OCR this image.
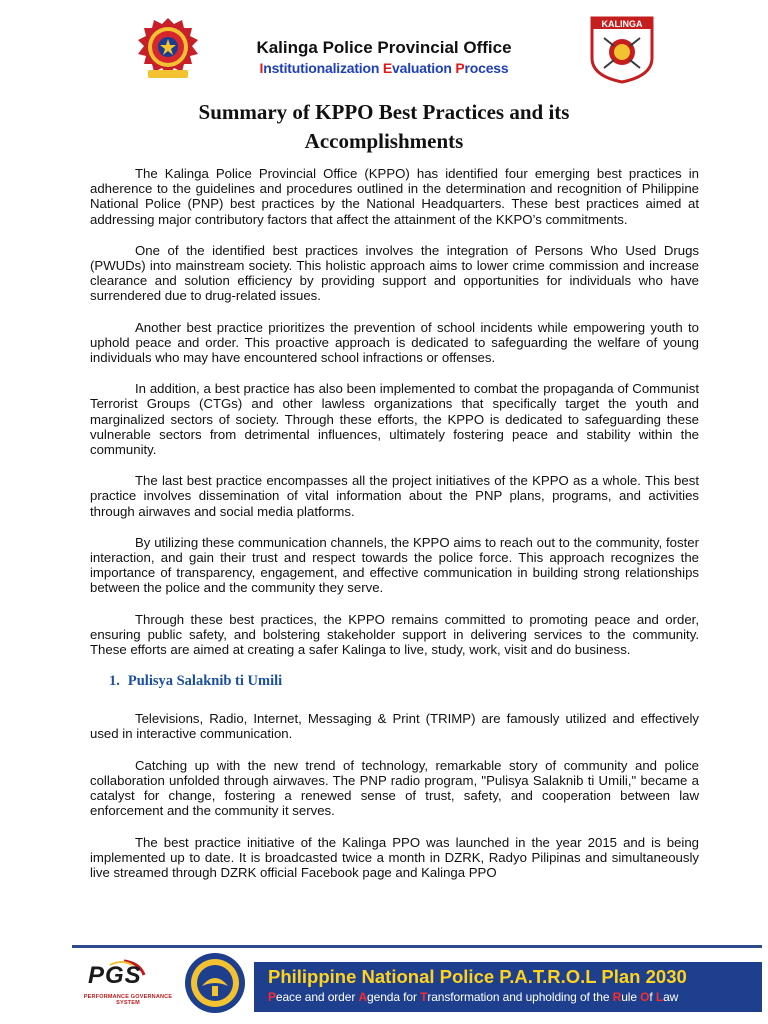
Kalinga Police Provincial Office
Institutionalization Evaluation Process
KALINGA
Summary of KPPO Best Practices and its
Accomplishments

The Kalinga Police Provincial Office (KPPO) has identified four emerging best practices in adherence to the guidelines and procedures outlined in the determination and recognition of Philippine National Police (PNP) best practices by the National Headquarters. These best practices aimed at addressing major contributory factors that affect the attainment of the KKPO’s commitments.

One of the identified best practices involves the integration of Persons Who Used Drugs (PWUDs) into mainstream society. This holistic approach aims to lower crime commission and increase clearance and solution efficiency by providing support and opportunities for individuals who have surrendered due to drug-related issues.

Another best practice prioritizes the prevention of school incidents while empowering youth to uphold peace and order. This proactive approach is dedicated to safeguarding the welfare of young individuals who may have encountered school infractions or offenses.

In addition, a best practice has also been implemented to combat the propaganda of Communist Terrorist Groups (CTGs) and other lawless organizations that specifically target the youth and marginalized sectors of society. Through these efforts, the KPPO is dedicated to safeguarding these vulnerable sectors from detrimental influences, ultimately fostering peace and stability within the community.

The last best practice encompasses all the project initiatives of the KPPO as a whole. This best practice involves dissemination of vital information about the PNP plans, programs, and activities through airwaves and social media platforms.

By utilizing these communication channels, the KPPO aims to reach out to the community, foster interaction, and gain their trust and respect towards the police force. This approach recognizes the importance of transparency, engagement, and effective communication in building strong relationships between the police and the community they serve.

Through these best practices, the KPPO remains committed to promoting peace and order, ensuring public safety, and bolstering stakeholder support in delivering services to the community. These efforts are aimed at creating a safer Kalinga to live, study, work, visit and do business.

1. Pulisya Salaknib ti Umili

Televisions, Radio, Internet, Messaging & Print (TRIMP) are famously utilized and effectively used in interactive communication.

Catching up with the new trend of technology, remarkable story of community and police collaboration unfolded through airwaves. The PNP radio program, "Pulisya Salaknib ti Umili," became a catalyst for change, fostering a renewed sense of trust, safety, and cooperation between law enforcement and the community it serves.

The best practice initiative of the Kalinga PPO was launched in the year 2015 and is being implemented up to date. It is broadcasted twice a month in DZRK, Radyo Pilipinas and simultaneously live streamed through DZRK official Facebook page and Kalinga PPO

PGS
PERFORMANCE GOVERNANCE SYSTEM
Philippine National Police P.A.T.R.O.L Plan 2030
Peace and order Agenda for Transformation and upholding of the Rule Of Law
